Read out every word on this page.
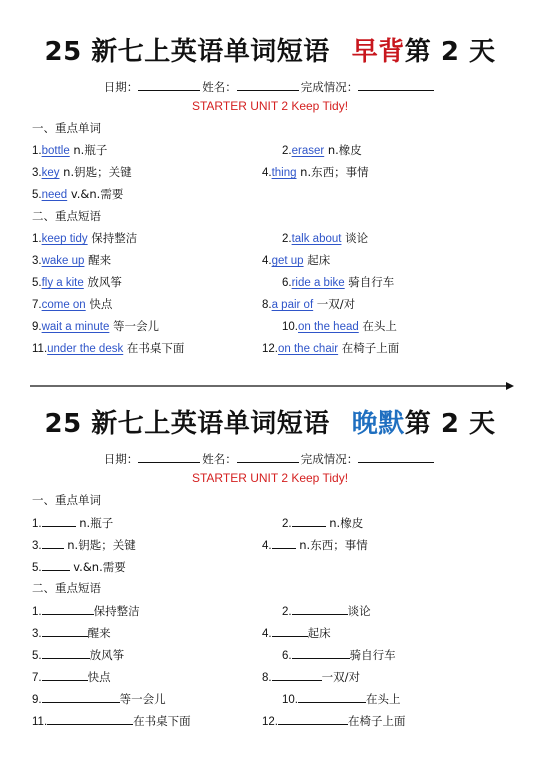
25 新七上英语单词短语 早背第 2 天
日期：	姓名：	完成情况：
STARTER UNIT 2 Keep Tidy!
一、重点单词
1.bottle n.瓶子	2.eraser n.橡皮
3.key n.钥匙；关键	4.thing n.东西；事情
5.need v.&n.需要
二、重点短语
1.keep tidy 保持整洁	2.talk about 谈论
3.wake up 醒来	4.get up 起床
5.fly a kite 放风筝	6.ride a bike 骑自行车
7.come on 快点	8.a pair of 一双/对
9.wait a minute 等一会儿	10.on the head 在头上
11.under the desk 在书桌下面	12.on the chair 在椅子上面
25 新七上英语单词短语 晚默第 2 天
日期：	姓名：	完成情况：
STARTER UNIT 2 Keep Tidy!
一、重点单词
1.	n.瓶子	2.	n.橡皮
3. n.钥匙；关键	4. n.东西；事情
5. v.&n.需要
二、重点短语
1.	保持整洁	2.	谈论
3.	醒来	4.	起床
5.	放风筝	6.	骑自行车
7.	快点	8.	一双/对
9.	等一会儿	10.	在头上
11.	在书桌下面	12.	在椅子上面
